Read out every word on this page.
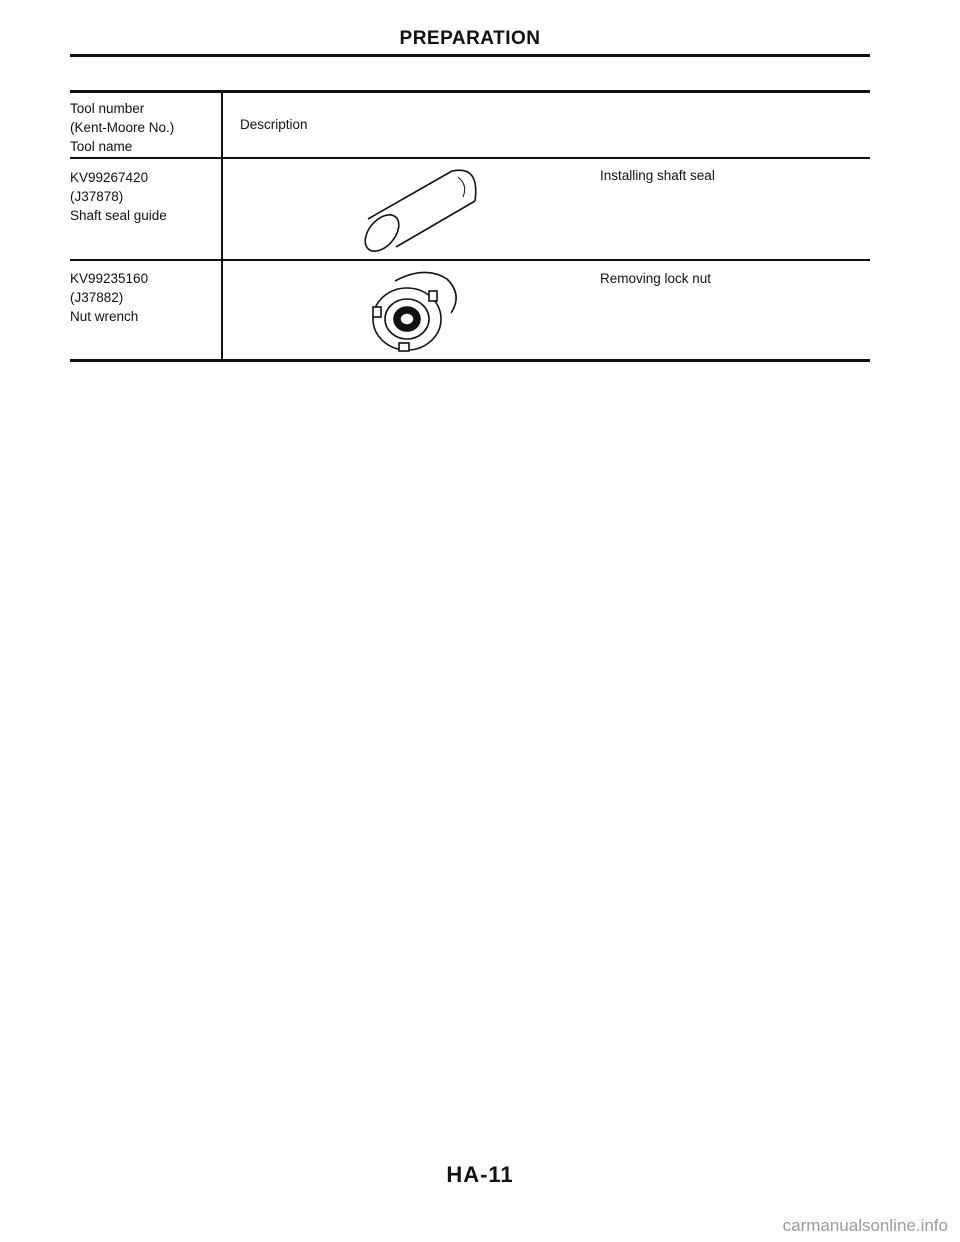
PREPARATION
Tool number
(Kent-Moore No.)
Tool name
Description
KV99267420
(J37878)
Shaft seal guide
Installing shaft seal
KV99235160
(J37882)
Nut wrench
Removing lock nut
HA-11
carmanualsonline.info
